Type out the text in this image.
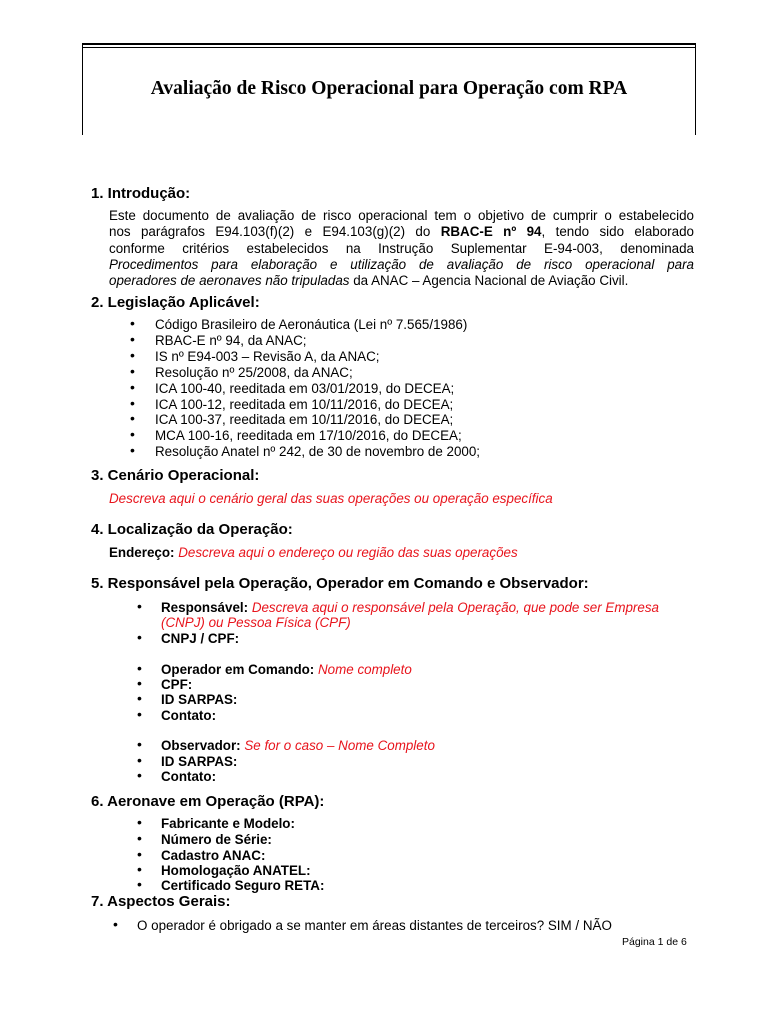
Avaliação de Risco Operacional para Operação com RPA
1. Introdução:
Este documento de avaliação de risco operacional tem o objetivo de cumprir o estabelecido
nos parágrafos E94.103(f)(2) e E94.103(g)(2) do RBAC-E nº 94, tendo sido elaborado
conforme critérios estabelecidos na Instrução Suplementar E-94-003, denominada
Procedimentos para elaboração e utilização de avaliação de risco operacional para
operadores de aeronaves não tripuladas da ANAC – Agencia Nacional de Aviação Civil.
2. Legislação Aplicável:
• Código Brasileiro de Aeronáutica (Lei nº 7.565/1986)
• RBAC-E nº 94, da ANAC;
• IS nº E94-003 – Revisão A, da ANAC;
• Resolução nº 25/2008, da ANAC;
• ICA 100-40, reeditada em 03/01/2019, do DECEA;
• ICA 100-12, reeditada em 10/11/2016, do DECEA;
• ICA 100-37, reeditada em 10/11/2016, do DECEA;
• MCA 100-16, reeditada em 17/10/2016, do DECEA;
• Resolução Anatel nº 242, de 30 de novembro de 2000;
3. Cenário Operacional:
Descreva aqui o cenário geral das suas operações ou operação específica
4. Localização da Operação:
Endereço: Descreva aqui o endereço ou região das suas operações
5. Responsável pela Operação, Operador em Comando e Observador:
• Responsável: Descreva aqui o responsável pela Operação, que pode ser Empresa
(CNPJ) ou Pessoa Física (CPF)
• CNPJ / CPF:
• Operador em Comando: Nome completo
• CPF:
• ID SARPAS:
• Contato:
• Observador: Se for o caso – Nome Completo
• ID SARPAS:
• Contato:
6. Aeronave em Operação (RPA):
• Fabricante e Modelo:
• Número de Série:
• Cadastro ANAC:
• Homologação ANATEL:
• Certificado Seguro RETA:
7. Aspectos Gerais:
• O operador é obrigado a se manter em áreas distantes de terceiros? SIM / NÃO
Página 1 de 6
